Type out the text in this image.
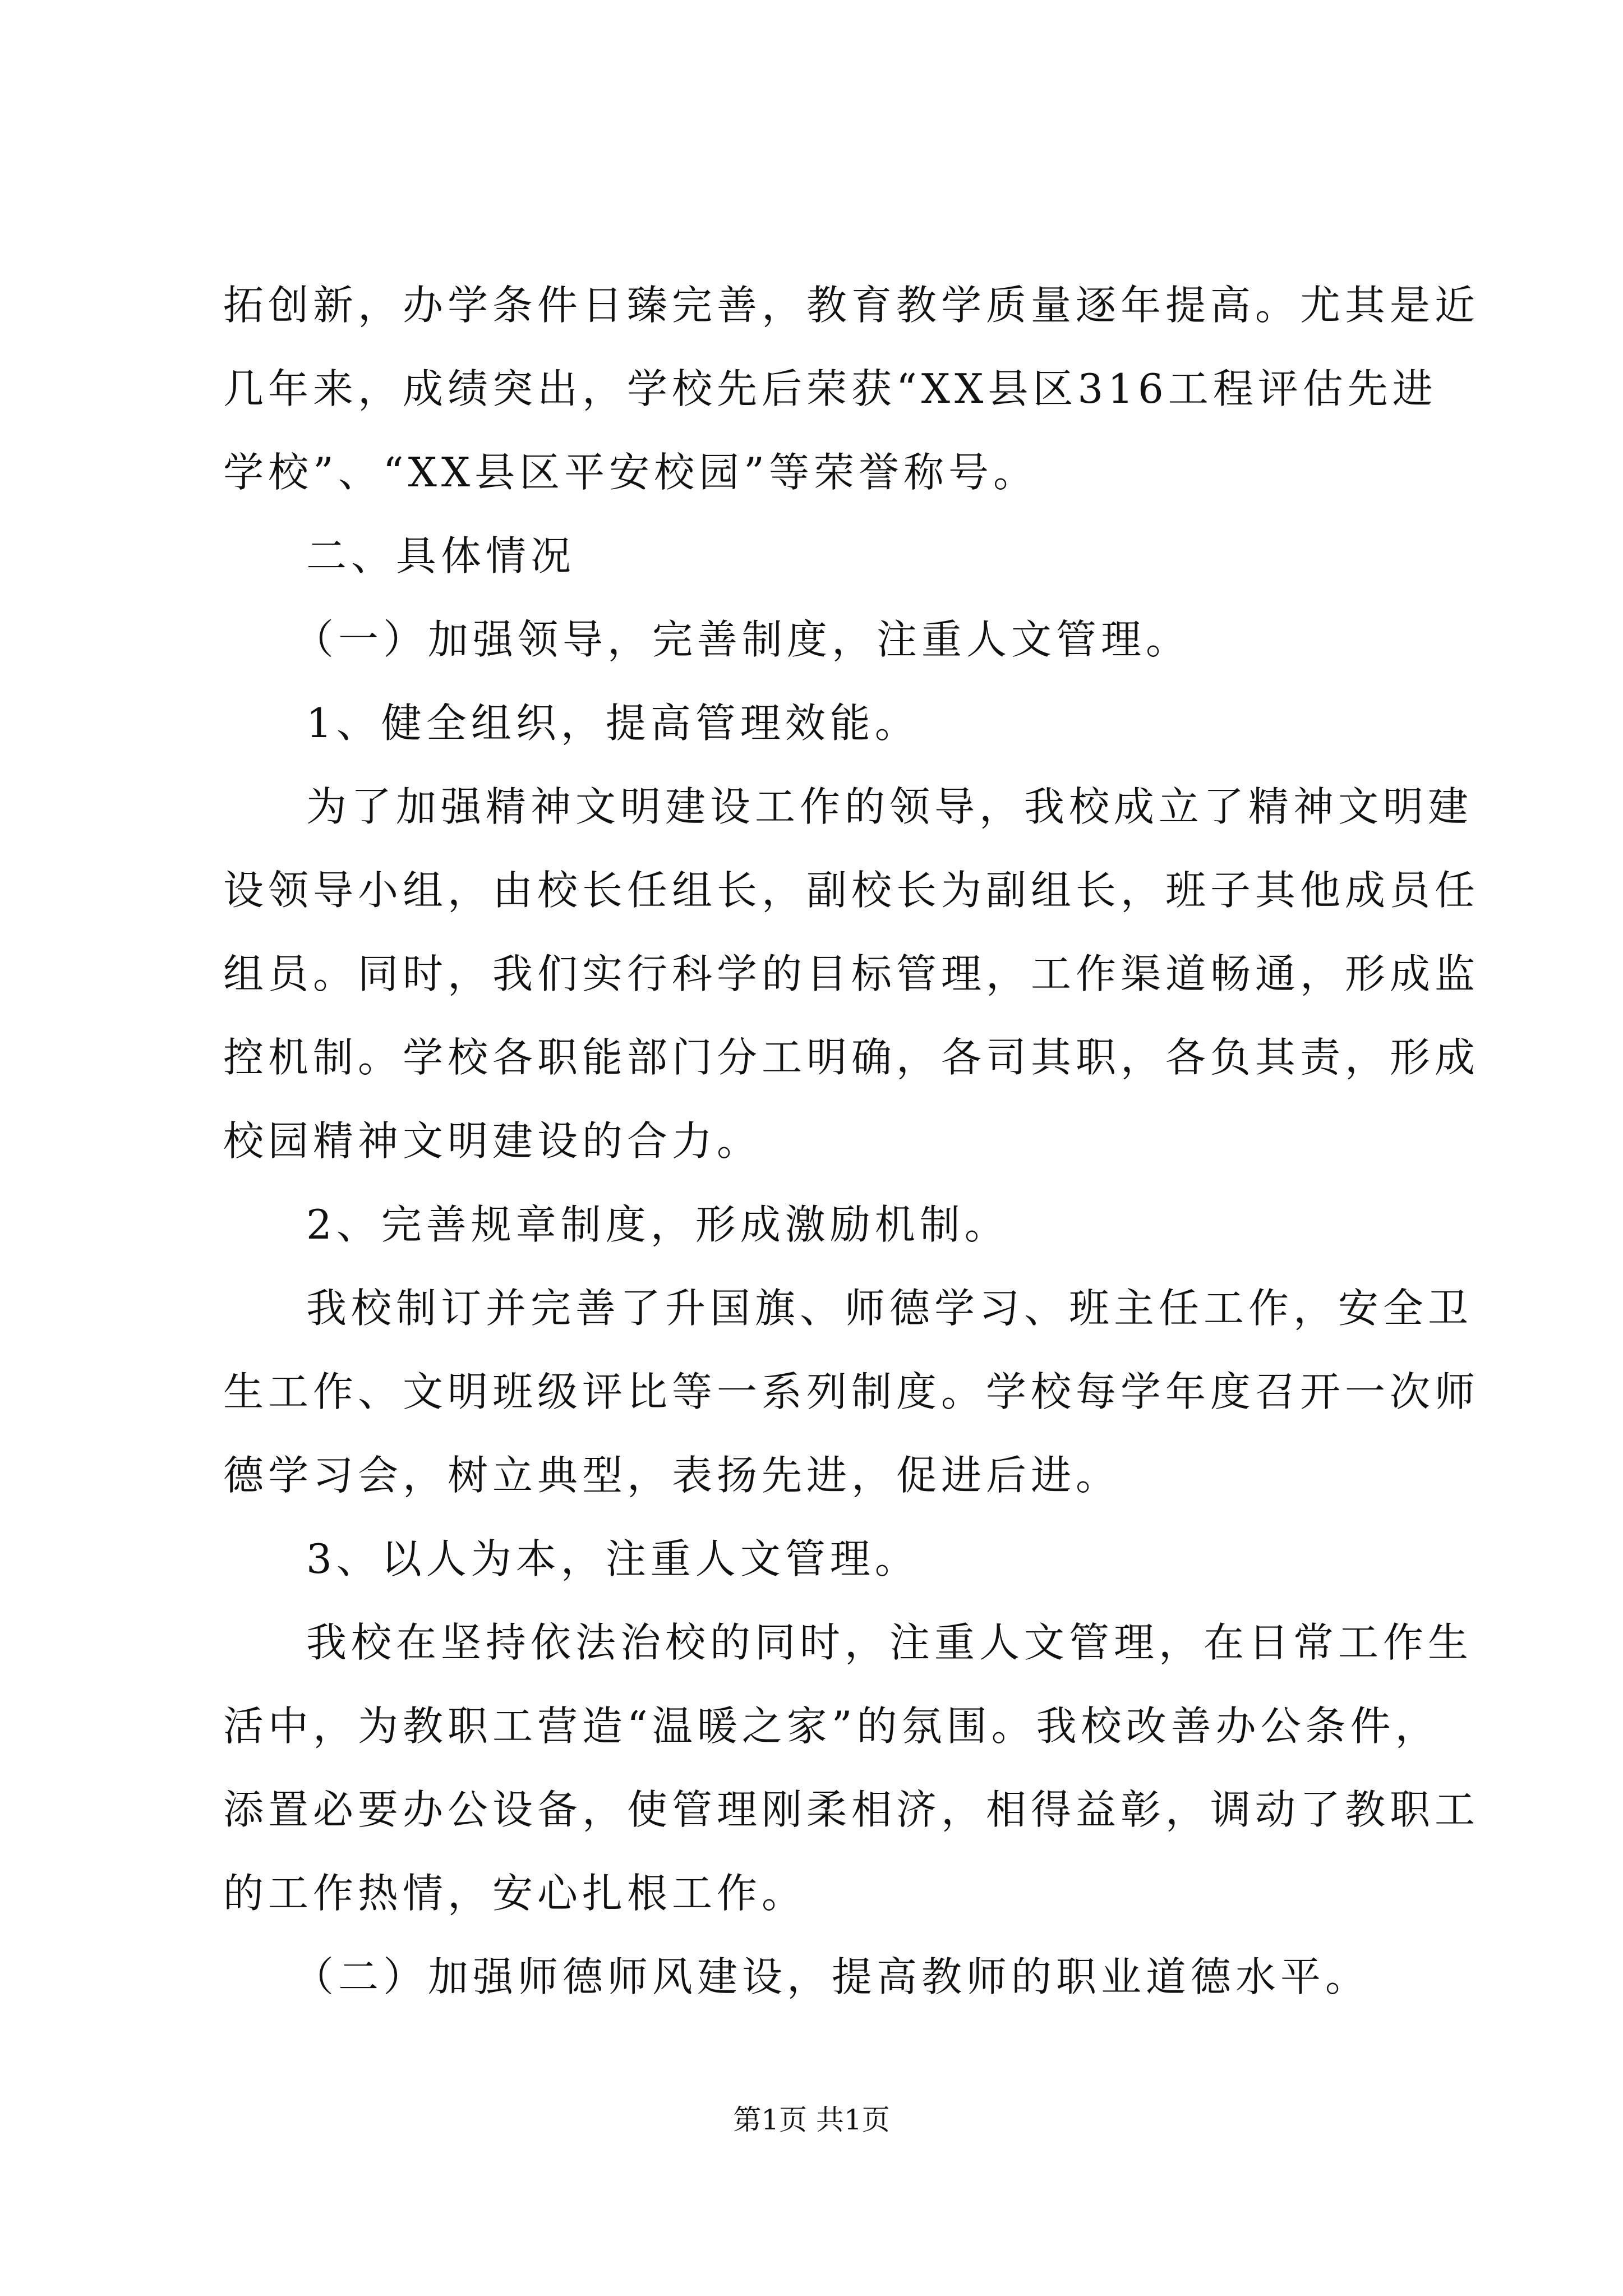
拓创新，办学条件日臻完善，教育教学质量逐年提高。尤其是近
几年来，成绩突出，学校先后荣获“XX县区316工程评估先进
学校”、“XX县区平安校园”等荣誉称号。
二、具体情况
（一）加强领导，完善制度，注重人文管理。
1、健全组织，提高管理效能。
为了加强精神文明建设工作的领导，我校成立了精神文明建
设领导小组，由校长任组长，副校长为副组长，班子其他成员任
组员。同时，我们实行科学的目标管理，工作渠道畅通，形成监
控机制。学校各职能部门分工明确，各司其职，各负其责，形成
校园精神文明建设的合力。
2、完善规章制度，形成激励机制。
我校制订并完善了升国旗、师德学习、班主任工作，安全卫
生工作、文明班级评比等一系列制度。学校每学年度召开一次师
德学习会，树立典型，表扬先进，促进后进。
3、以人为本，注重人文管理。
我校在坚持依法治校的同时，注重人文管理，在日常工作生
活中，为教职工营造“温暖之家”的氛围。我校改善办公条件，
添置必要办公设备，使管理刚柔相济，相得益彰，调动了教职工
的工作热情，安心扎根工作。
（二）加强师德师风建设，提高教师的职业道德水平。
第1页 共1页
